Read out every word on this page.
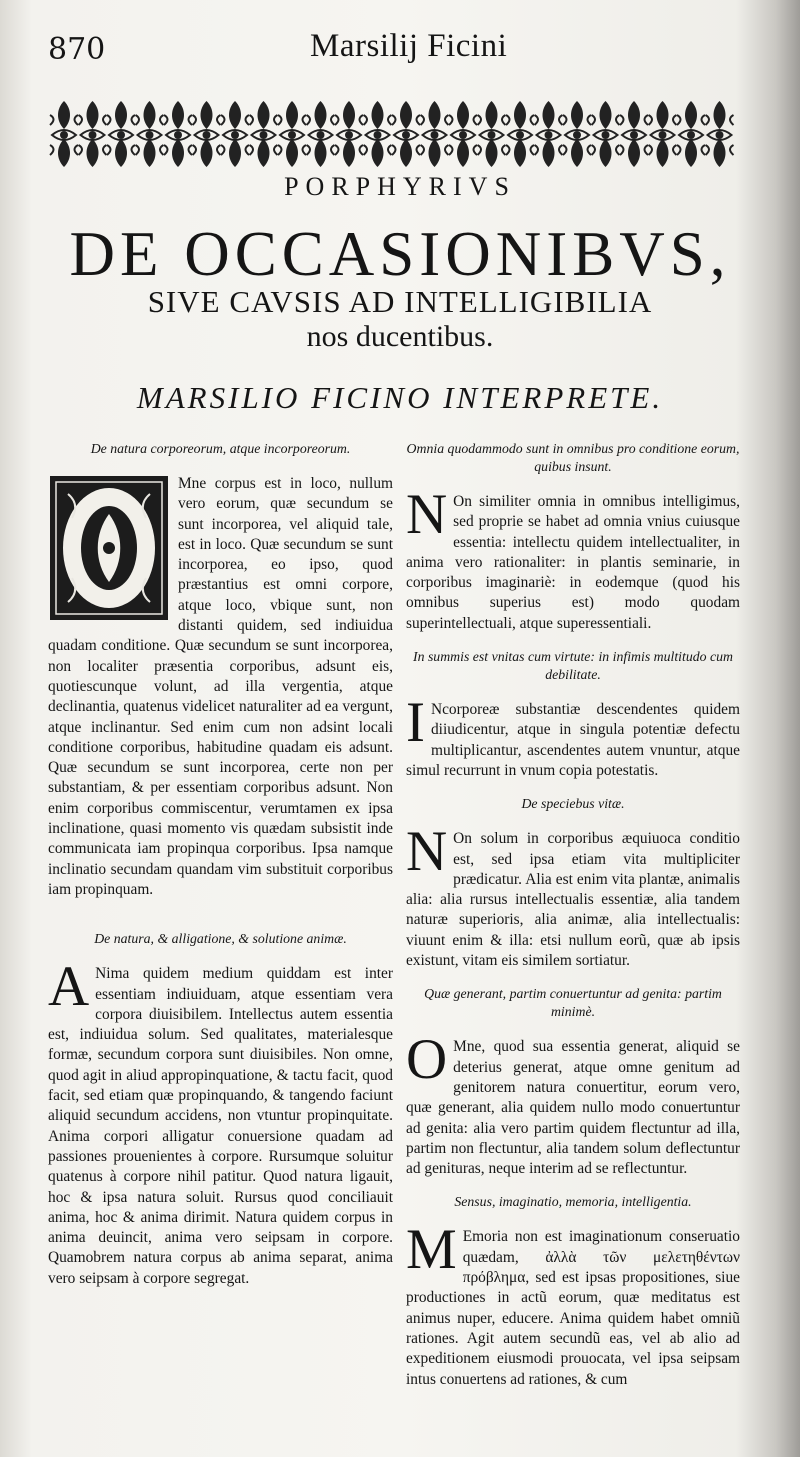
870	Marsilij Ficini
PORPHYRIVS
DE OCCASIONIBVS,
SIVE CAVSIS AD INTELLIGIBILIA
nos ducentibus.
MARSILIO FICINO INTERPRETE.
De natura corporeorum, atque incorporeorum.
Mne corpus est in loco, nullum vero eorum, quæ secundum se sunt incorporea, vel aliquid tale, est in loco. Quæ secundum se sunt incorporea, eo ipso, quod præstantius est omni corpore, atque loco, vbique sunt, non distanti quidem, sed indiuidua quadam conditione. Quæ secundum se sunt incorporea, non localiter præsentia corporibus, adsunt eis, quotiescunque volunt, ad illa vergentia, atque declinantia, quatenus videlicet naturaliter ad ea vergunt, atque inclinantur. Sed enim cum non adsint locali conditione corporibus, habitudine quadam eis adsunt. Quæ secundum se sunt incorporea, certe non per substantiam, & per essentiam corporibus adsunt. Non enim corporibus commiscentur, verumtamen ex ipsa inclinatione, quasi momento vis quædam subsistit inde communicata iam propinqua corporibus. Ipsa namque inclinatio secundam quandam vim substituit corporibus iam propinquam.
De natura, & alligatione, & solutione animæ.
A Nima quidem medium quiddam est inter essentiam indiuiduam, atque essentiam vera corpora diuisibilem. Intellectus autem essentia est, indiuidua solum. Sed qualitates, materialesque formæ, secundum corpora sunt diuisibiles. Non omne, quod agit in aliud appropinquatione, & tactu facit, quod facit, sed etiam quæ propinquando, & tangendo faciunt aliquid secundum accidens, non vtuntur propinquitate. Anima corpori alligatur conuersione quadam ad passiones prouenientes à corpore. Rursumque soluitur quatenus à corpore nihil patitur. Quod natura ligauit, hoc & ipsa natura soluit. Rursus quod conciliauit anima, hoc & anima dirimit. Natura quidem corpus in anima deuincit, anima vero seipsam in corpore. Quamobrem natura corpus ab anima separat, anima vero seipsam à corpore segregat.
Omnia quodammodo sunt in omnibus pro conditione eorum, quibus insunt.
N On similiter omnia in omnibus intelligimus, sed proprie se habet ad omnia vnius cuiusque essentia: intellectu quidem intellectualiter, in anima vero rationaliter: in plantis seminarie, in corporibus imaginariè: in eodemque (quod his omnibus superius est) modo quodam superintellectuali, atque superessentiali.
In summis est vnitas cum virtute: in infimis multitudo cum debilitate.
I Ncorporeæ substantiæ descendentes quidem diiudicentur, atque in singula potentiæ defectu multiplicantur, ascendentes autem vnuntur, atque simul recurrunt in vnum copia potestatis.
De speciebus vitæ.
N On solum in corporibus æquiuoca conditio est, sed ipsa etiam vita multipliciter prædicatur. Alia est enim vita plantæ, animalis alia: alia rursus intellectualis essentiæ, alia tandem naturæ superioris, alia animæ, alia intellectualis: viuunt enim & illa: etsi nullum eorũ, quæ ab ipsis existunt, vitam eis similem sortiatur.
Quæ generant, partim conuertuntur ad genita: partim minimè.
O Mne, quod sua essentia generat, aliquid se deterius generat, atque omne genitum ad genitorem natura conuertitur, eorum vero, quæ generant, alia quidem nullo modo conuertuntur ad genita: alia vero partim quidem flectuntur ad illa, partim non flectuntur, alia tandem solum deflectuntur ad genituras, neque interim ad se reflectuntur.
Sensus, imaginatio, memoria, intelligentia.
M Emoria non est imaginationum conseruatio quædam, ἀλλὰ τῶν μελετηθέντων πρόβλημα, sed est ipsas propositiones, siue productiones in actũ eorum, quæ meditatus est animus nuper, educere. Anima quidem habet omniũ rationes. Agit autem secundũ eas, vel ab alio ad expeditionem eiusmodi prouocata, vel ipsa seipsam intus conuertens ad rationes, & cum
